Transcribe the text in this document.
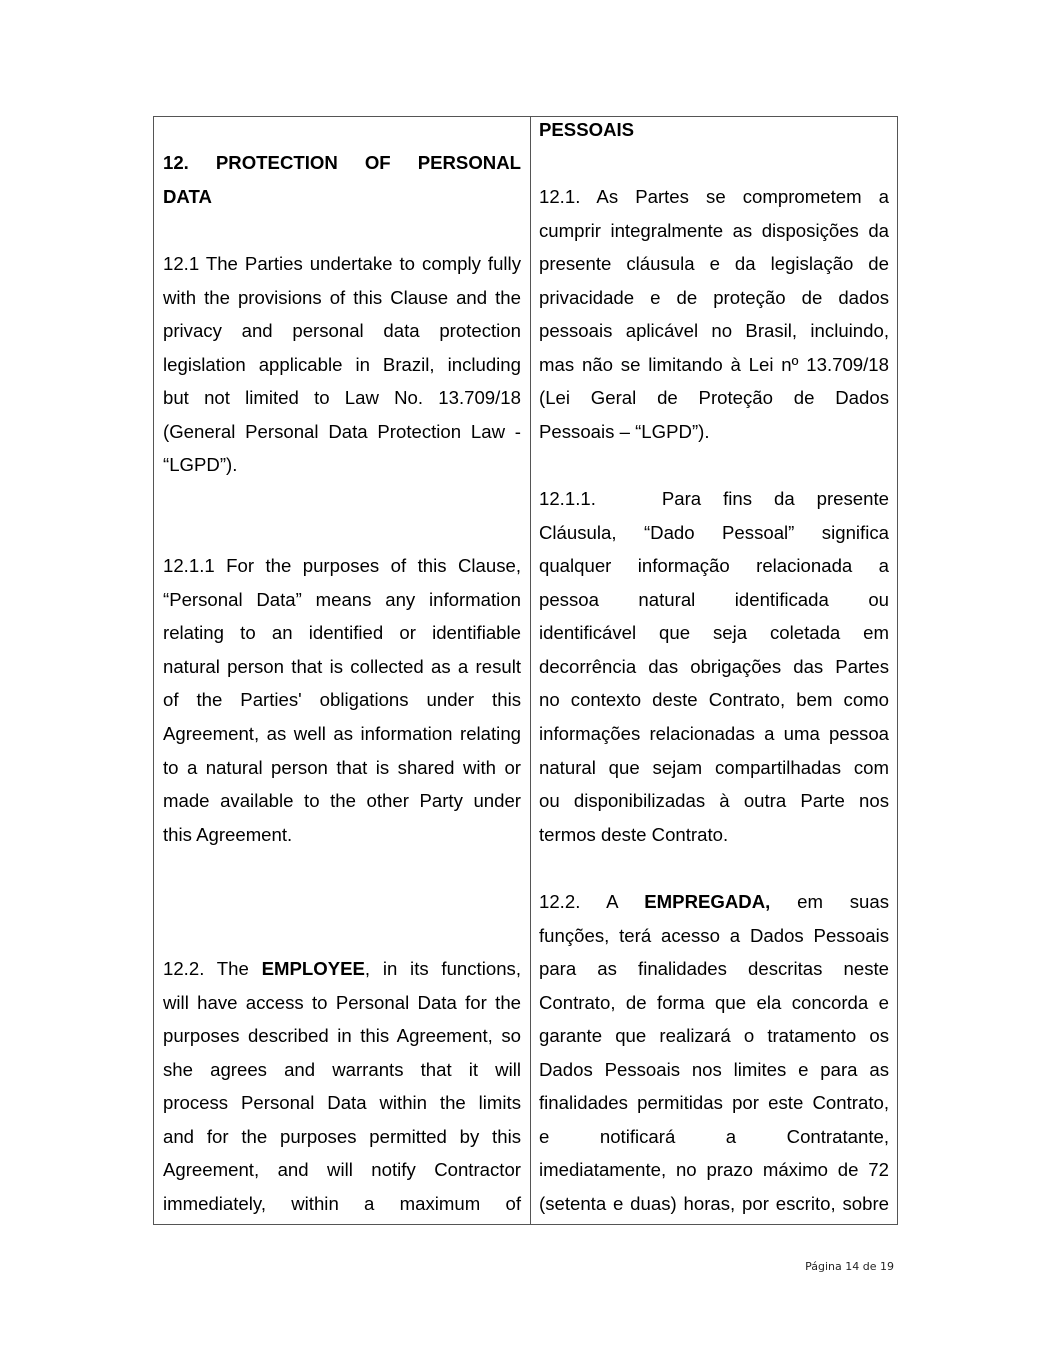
12. PROTECTION OF PERSONAL
DATA
12.1 The Parties undertake to comply fully
with the provisions of this Clause and the
privacy and personal data protection
legislation applicable in Brazil, including
but not limited to Law No. 13.709/18
(General Personal Data Protection Law -
“LGPD”).
12.1.1 For the purposes of this Clause,
“Personal Data” means any information
relating to an identified or identifiable
natural person that is collected as a result
of the Parties' obligations under this
Agreement, as well as information relating
to a natural person that is shared with or
made available to the other Party under
this Agreement.
12.2. The EMPLOYEE, in its functions,
will have access to Personal Data for the
purposes described in this Agreement, so
she agrees and warrants that it will
process Personal Data within the limits
and for the purposes permitted by this
Agreement, and will notify Contractor
immediately, within a maximum of
PESSOAIS
12.1. As Partes se comprometem a
cumprir integralmente as disposições da
presente cláusula e da legislação de
privacidade e de proteção de dados
pessoais aplicável no Brasil, incluindo,
mas não se limitando à Lei nº 13.709/18
(Lei Geral de Proteção de Dados
Pessoais – “LGPD”).
12.1.1.	Para fins da presente
Cláusula, “Dado Pessoal” significa
qualquer informação relacionada a
pessoa natural identificada ou
identificável que seja coletada em
decorrência das obrigações das Partes
no contexto deste Contrato, bem como
informações relacionadas a uma pessoa
natural que sejam compartilhadas com
ou disponibilizadas à outra Parte nos
termos deste Contrato.
12.2. A EMPREGADA, em suas
funções, terá acesso a Dados Pessoais
para as finalidades descritas neste
Contrato, de forma que ela concorda e
garante que realizará o tratamento os
Dados Pessoais nos limites e para as
finalidades permitidas por este Contrato,
e notificará a Contratante,
imediatamente, no prazo máximo de 72
(setenta e duas) horas, por escrito, sobre
Página 14 de 19
